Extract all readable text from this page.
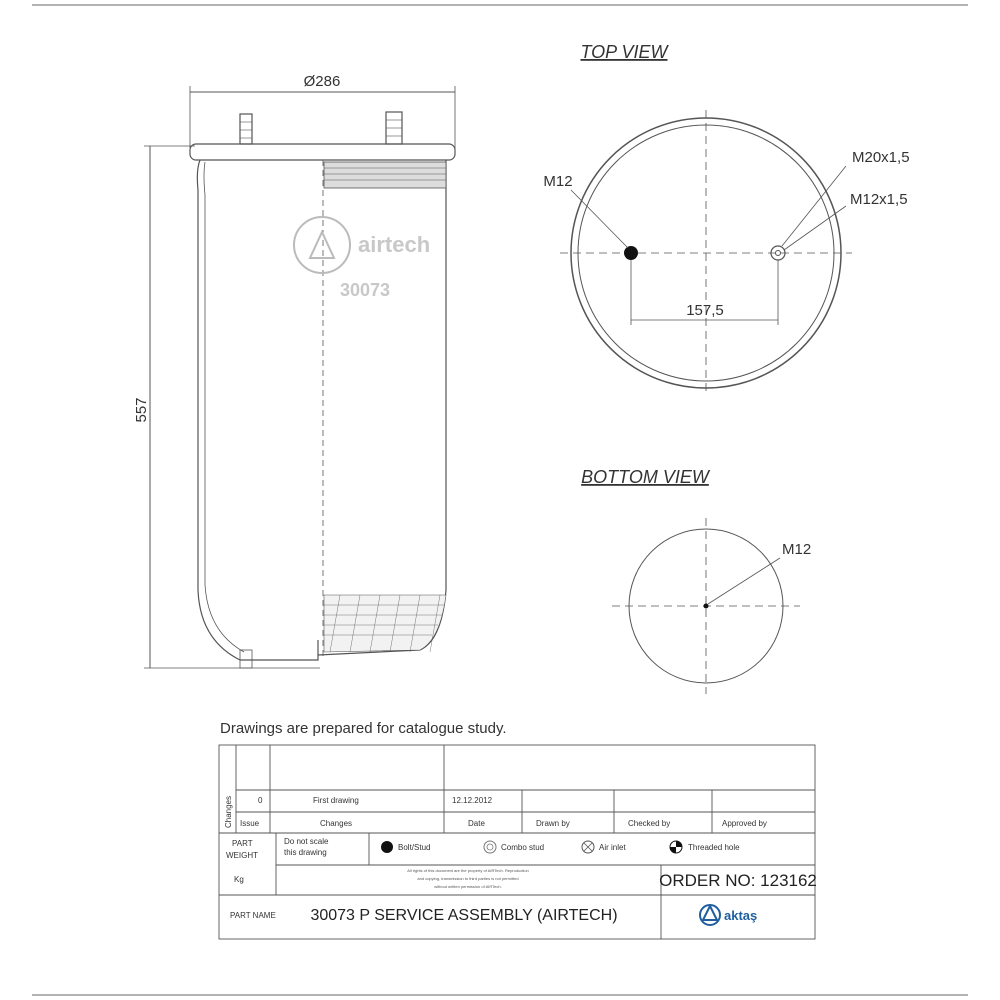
Ø286
557
airtech
30073
TOP VIEW
M12
M20x1,5
M12x1,5
157,5
BOTTOM VIEW
M12
Changes	0	First drawing	12.12.2012
Issue	Changes	Date	Drawn by	Checked by	Approved by
PART
WEIGHT
Kg
Do not scale
this drawing
Bolt/Stud	Combo stud	Air inlet	Threaded hole
All rights of this document are the property of AIRTech. Reproduction
and copying, transmission to third parties is not permitted
without written permission of AIRTech.	ORDER NO: 123162
PART NAME 30073 P SERVICE ASSEMBLY (AIRTECH)	aktaş
Drawings are prepared for catalogue study.
